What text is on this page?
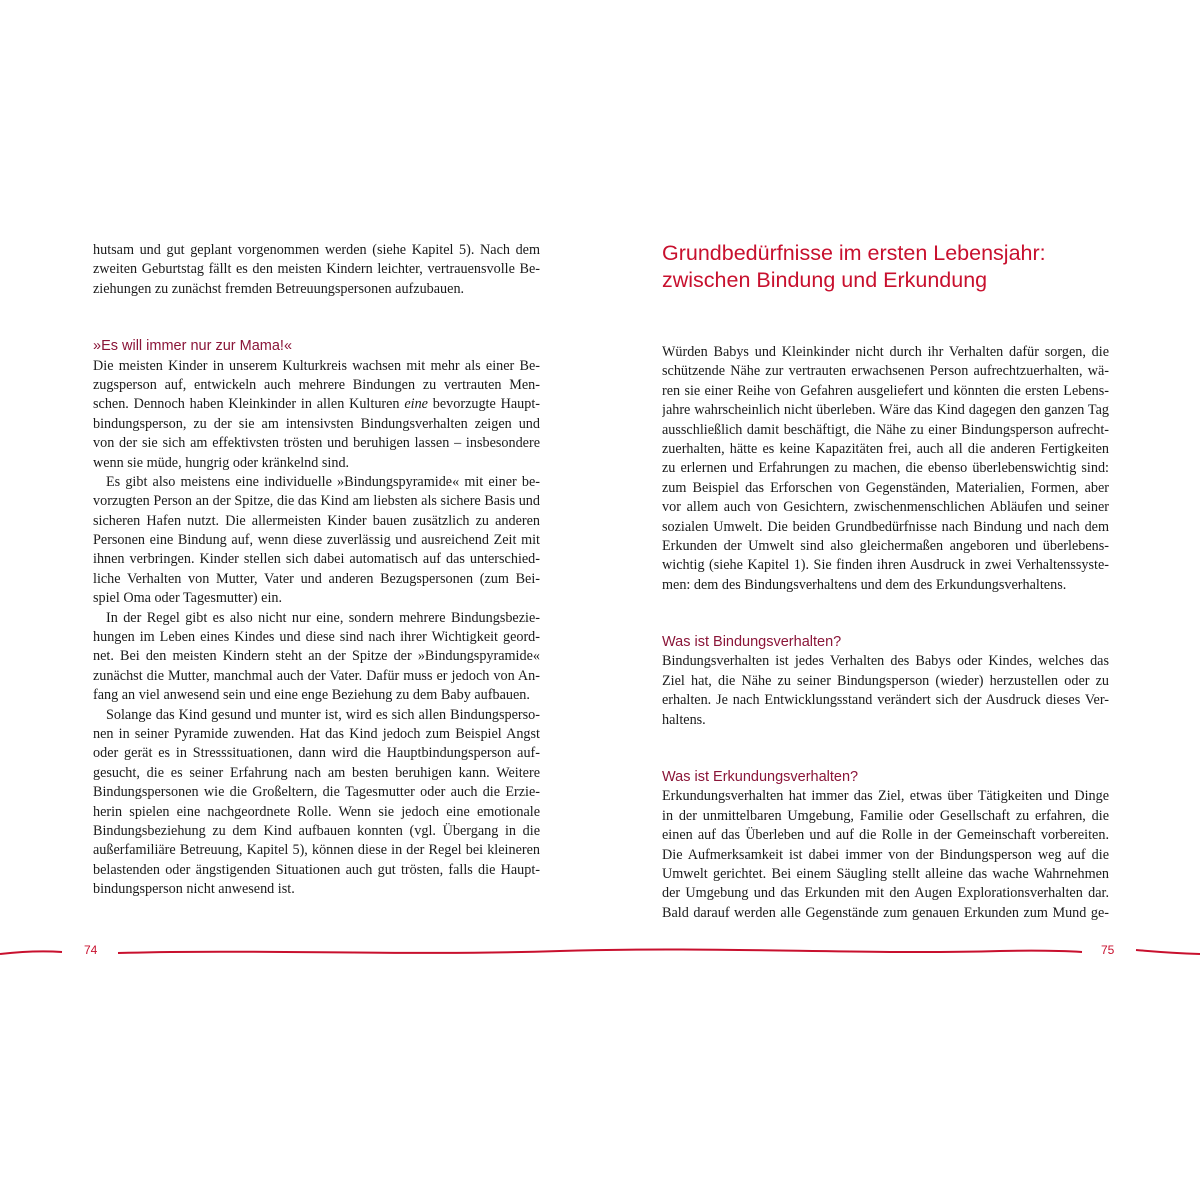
hutsam und gut geplant vorgenommen werden (siehe Kapitel 5). Nach dem
zweiten Geburtstag fällt es den meisten Kindern leichter, vertrauensvolle Be-
ziehungen zu zunächst fremden Betreuungspersonen aufzubauen.
»Es will immer nur zur Mama!«
Die meisten Kinder in unserem Kulturkreis wachsen mit mehr als einer Be-
zugsperson auf, entwickeln auch mehrere Bindungen zu vertrauten Men-
schen. Dennoch haben Kleinkinder in allen Kulturen eine bevorzugte Haupt-
bindungsperson, zu der sie am intensivsten Bindungsverhalten zeigen und
von der sie sich am effektivsten trösten und beruhigen lassen – insbesondere
wenn sie müde, hungrig oder kränkelnd sind.
Es gibt also meistens eine individuelle »Bindungspyramide« mit einer be-
vorzugten Person an der Spitze, die das Kind am liebsten als sichere Basis und
sicheren Hafen nutzt. Die allermeisten Kinder bauen zusätzlich zu anderen
Personen eine Bindung auf, wenn diese zuverlässig und ausreichend Zeit mit
ihnen verbringen. Kinder stellen sich dabei automatisch auf das unterschied-
liche Verhalten von Mutter, Vater und anderen Bezugspersonen (zum Bei-
spiel Oma oder Tagesmutter) ein.
In der Regel gibt es also nicht nur eine, sondern mehrere Bindungsbezie-
hungen im Leben eines Kindes und diese sind nach ihrer Wichtigkeit geord-
net. Bei den meisten Kindern steht an der Spitze der »Bindungspyramide«
zunächst die Mutter, manchmal auch der Vater. Dafür muss er jedoch von An-
fang an viel anwesend sein und eine enge Beziehung zu dem Baby aufbauen.
Solange das Kind gesund und munter ist, wird es sich allen Bindungsperso-
nen in seiner Pyramide zuwenden. Hat das Kind jedoch zum Beispiel Angst
oder gerät es in Stresssituationen, dann wird die Hauptbindungsperson auf-
gesucht, die es seiner Erfahrung nach am besten beruhigen kann. Weitere
Bindungspersonen wie die Großeltern, die Tagesmutter oder auch die Erzie-
herin spielen eine nachgeordnete Rolle. Wenn sie jedoch eine emotionale
Bindungsbeziehung zu dem Kind aufbauen konnten (vgl. Übergang in die
außerfamiliäre Betreuung, Kapitel 5), können diese in der Regel bei kleineren
belastenden oder ängstigenden Situationen auch gut trösten, falls die Haupt-
bindungsperson nicht anwesend ist.
Grundbedürfnisse im ersten Lebensjahr:
zwischen Bindung und Erkundung
Würden Babys und Kleinkinder nicht durch ihr Verhalten dafür sorgen, die
schützende Nähe zur vertrauten erwachsenen Person aufrechtzuerhalten, wä-
ren sie einer Reihe von Gefahren ausgeliefert und könnten die ersten Lebens-
jahre wahrscheinlich nicht überleben. Wäre das Kind dagegen den ganzen Tag
ausschließlich damit beschäftigt, die Nähe zu einer Bindungsperson aufrecht-
zuerhalten, hätte es keine Kapazitäten frei, auch all die anderen Fertigkeiten
zu erlernen und Erfahrungen zu machen, die ebenso überlebenswichtig sind:
zum Beispiel das Erforschen von Gegenständen, Materialien, Formen, aber
vor allem auch von Gesichtern, zwischenmenschlichen Abläufen und seiner
sozialen Umwelt. Die beiden Grundbedürfnisse nach Bindung und nach dem
Erkunden der Umwelt sind also gleichermaßen angeboren und überlebens-
wichtig (siehe Kapitel 1). Sie finden ihren Ausdruck in zwei Verhaltenssyste-
men: dem des Bindungsverhaltens und dem des Erkundungsverhaltens.
Was ist Bindungsverhalten?
Bindungsverhalten ist jedes Verhalten des Babys oder Kindes, welches das
Ziel hat, die Nähe zu seiner Bindungsperson (wieder) herzustellen oder zu
erhalten. Je nach Entwicklungsstand verändert sich der Ausdruck dieses Ver-
haltens.
Was ist Erkundungsverhalten?
Erkundungsverhalten hat immer das Ziel, etwas über Tätigkeiten und Dinge
in der unmittelbaren Umgebung, Familie oder Gesellschaft zu erfahren, die
einen auf das Überleben und auf die Rolle in der Gemeinschaft vorbereiten.
Die Aufmerksamkeit ist dabei immer von der Bindungsperson weg auf die
Umwelt gerichtet. Bei einem Säugling stellt alleine das wache Wahrnehmen
der Umgebung und das Erkunden mit den Augen Explorationsverhalten dar.
Bald darauf werden alle Gegenstände zum genauen Erkunden zum Mund ge-
74	75
